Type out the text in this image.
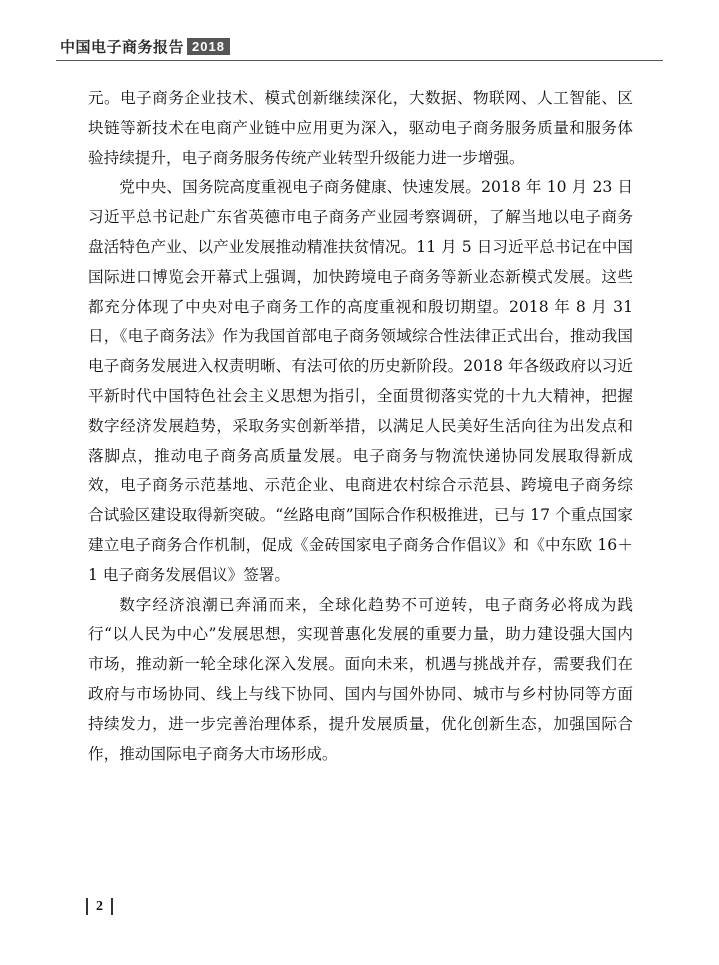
中国电子商务报告 2018

元。电子商务企业技术、模式创新继续深化，大数据、物联网、人工智能、区块链等新技术在电商产业链中应用更为深入，驱动电子商务服务质量和服务体验持续提升，电子商务服务传统产业转型升级能力进一步增强。

党中央、国务院高度重视电子商务健康、快速发展。2018 年 10 月 23 日习近平总书记赴广东省英德市电子商务产业园考察调研，了解当地以电子商务盘活特色产业、以产业发展推动精准扶贫情况。11 月 5 日习近平总书记在中国国际进口博览会开幕式上强调，加快跨境电子商务等新业态新模式发展。这些都充分体现了中央对电子商务工作的高度重视和殷切期望。2018 年 8 月 31 日，《电子商务法》作为我国首部电子商务领域综合性法律正式出台，推动我国电子商务发展进入权责明晰、有法可依的历史新阶段。2018 年各级政府以习近平新时代中国特色社会主义思想为指引，全面贯彻落实党的十九大精神，把握数字经济发展趋势，采取务实创新举措，以满足人民美好生活向往为出发点和落脚点，推动电子商务高质量发展。电子商务与物流快递协同发展取得新成效，电子商务示范基地、示范企业、电商进农村综合示范县、跨境电子商务综合试验区建设取得新突破。“丝路电商”国际合作积极推进，已与 17 个重点国家建立电子商务合作机制，促成《金砖国家电子商务合作倡议》和《中东欧 16＋1 电子商务发展倡议》签署。

数字经济浪潮已奔涌而来，全球化趋势不可逆转，电子商务必将成为践行“以人民为中心”发展思想，实现普惠化发展的重要力量，助力建设强大国内市场，推动新一轮全球化深入发展。面向未来，机遇与挑战并存，需要我们在政府与市场协同、线上与线下协同、国内与国外协同、城市与乡村协同等方面持续发力，进一步完善治理体系，提升发展质量，优化创新生态，加强国际合作，推动国际电子商务大市场形成。

2
